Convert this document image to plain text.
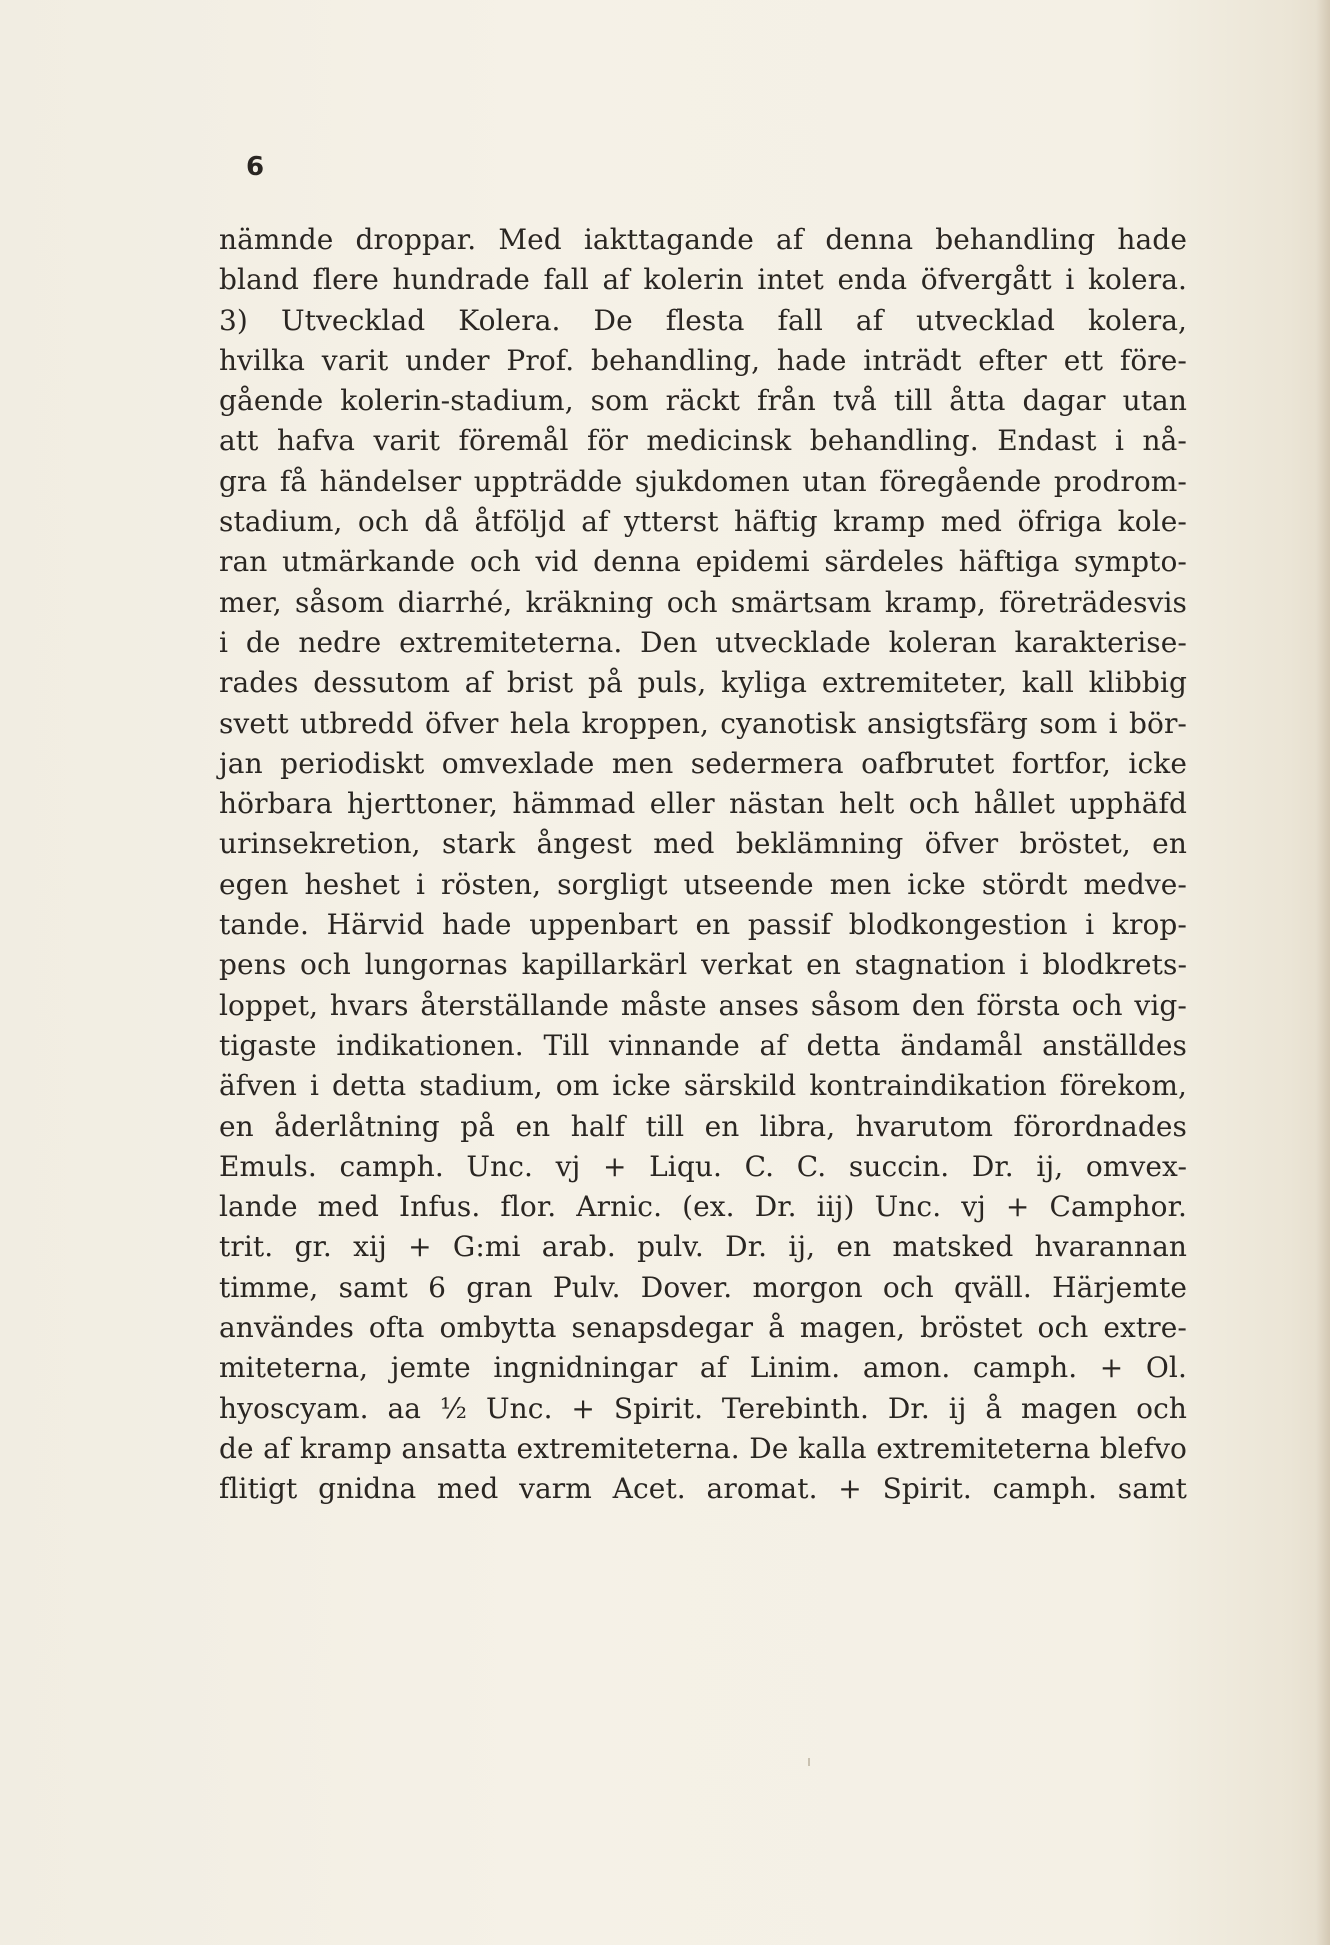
6
nämnde droppar. Med iakttagande af denna behandling hade
bland flere hundrade fall af kolerin intet enda öfvergått i kolera.
3) Utvecklad Kolera. De flesta fall af utvecklad kolera,
hvilka varit under Prof. behandling, hade inträdt efter ett före-
gående kolerin-stadium, som räckt från två till åtta dagar utan
att hafva varit föremål för medicinsk behandling. Endast i nå-
gra få händelser uppträdde sjukdomen utan föregående prodrom-
stadium, och då åtföljd af ytterst häftig kramp med öfriga kole-
ran utmärkande och vid denna epidemi särdeles häftiga sympto-
mer, såsom diarrhé, kräkning och smärtsam kramp, företrädesvis
i de nedre extremiteterna. Den utvecklade koleran karakterise-
rades dessutom af brist på puls, kyliga extremiteter, kall klibbig
svett utbredd öfver hela kroppen, cyanotisk ansigtsfärg som i bör-
jan periodiskt omvexlade men sedermera oafbrutet fortfor, icke
hörbara hjerttoner, hämmad eller nästan helt och hållet upphäfd
urinsekretion, stark ångest med beklämning öfver bröstet, en
egen heshet i rösten, sorgligt utseende men icke stördt medve-
tande. Härvid hade uppenbart en passif blodkongestion i krop-
pens och lungornas kapillarkärl verkat en stagnation i blodkrets-
loppet, hvars återställande måste anses såsom den första och vig-
tigaste indikationen. Till vinnande af detta ändamål anställdes
äfven i detta stadium, om icke särskild kontraindikation förekom,
en åderlåtning på en half till en libra, hvarutom förordnades
Emuls. camph. Unc. vj + Liqu. C. C. succin. Dr. ij, omvex-
lande med Infus. flor. Arnic. (ex. Dr. iij) Unc. vj + Camphor.
trit. gr. xij + G:mi arab. pulv. Dr. ij, en matsked hvarannan
timme, samt 6 gran Pulv. Dover. morgon och qväll. Härjemte
användes ofta ombytta senapsdegar å magen, bröstet och extre-
miteterna, jemte ingnidningar af Linim. amon. camph. + Ol.
hyoscyam. aa ½ Unc. + Spirit. Terebinth. Dr. ij å magen och
de af kramp ansatta extremiteterna. De kalla extremiteterna blefvo
flitigt gnidna med varm Acet. aromat. + Spirit. camph. samt
